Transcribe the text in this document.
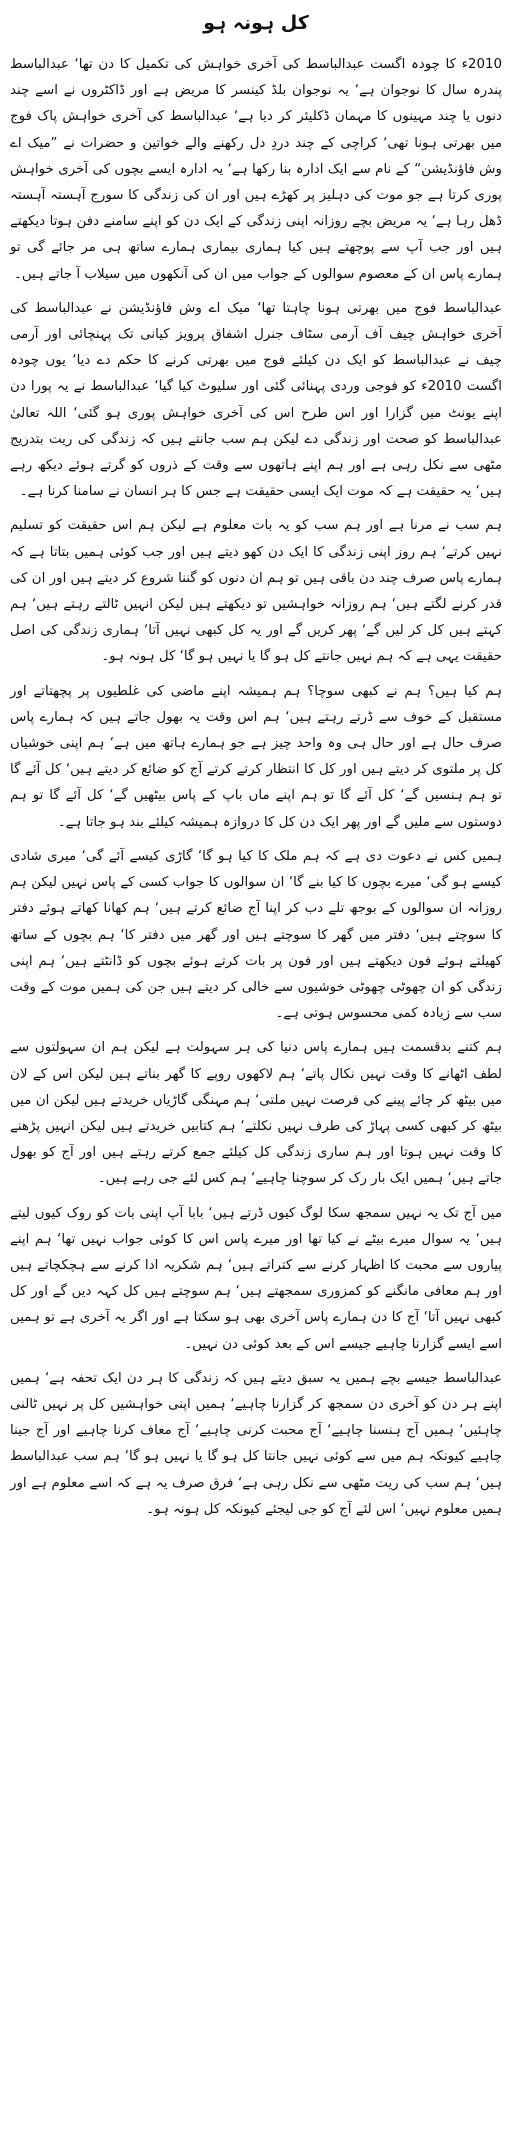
کل ہونہ ہو

2010ء کا چودہ اگست عبدالباسط کی آخری خواہش کی تکمیل کا دن تھا‘ عبدالباسط پندرہ سال کا نوجوان ہے‘ یہ نوجوان بلڈ کینسر کا مریض ہے اور ڈاکٹروں نے اسے چند دنوں یا چند مہینوں کا مہمان ڈکلیئر کر دیا ہے‘ عبدالباسط کی آخری خواہش پاک فوج میں بھرتی ہونا تھی‘ کراچی کے چند دردِ دل رکھنے والے خواتین و حضرات نے ”میک اے وش فاؤنڈیشن“ کے نام سے ایک ادارہ بنا رکھا ہے‘ یہ ادارہ ایسے بچوں کی آخری خواہش پوری کرتا ہے جو موت کی دہلیز پر کھڑے ہیں اور ان کی زندگی کا سورج آہستہ آہستہ ڈھل رہا ہے‘ یہ مریض بچے روزانہ اپنی زندگی کے ایک دن کو اپنے سامنے دفن ہوتا دیکھتے ہیں اور جب آپ سے پوچھتے ہیں کیا ہماری بیماری ہمارے ساتھ ہی مر جائے گی تو ہمارے پاس ان کے معصوم سوالوں کے جواب میں ان کی آنکھوں میں سیلاب آ جاتے ہیں۔

عبدالباسط فوج میں بھرتی ہونا چاہتا تھا‘ میک اے وش فاؤنڈیشن نے عبدالباسط کی آخری خواہش چیف آف آرمی سٹاف جنرل اشفاق پرویز کیانی تک پہنچائی اور آرمی چیف نے عبدالباسط کو ایک دن کیلئے فوج میں بھرتی کرنے کا حکم دے دیا‘ یوں چودہ اگست 2010ء کو فوجی وردی پہنائی گئی اور سلیوٹ کیا گیا‘ عبدالباسط نے یہ پورا دن اپنے یونٹ میں گزارا اور اس طرح اس کی آخری خواہش پوری ہو گئی‘ اللہ تعالیٰ عبدالباسط کو صحت اور زندگی دے لیکن ہم سب جانتے ہیں کہ زندگی کی ریت بتدریج مٹھی سے نکل رہی ہے اور ہم اپنے ہاتھوں سے وقت کے ذروں کو گرتے ہوئے دیکھ رہے ہیں‘ یہ حقیقت ہے کہ موت ایک ایسی حقیقت ہے جس کا ہر انسان نے سامنا کرنا ہے۔

ہم سب نے مرنا ہے اور ہم سب کو یہ بات معلوم ہے لیکن ہم اس حقیقت کو تسلیم نہیں کرتے‘ ہم روز اپنی زندگی کا ایک دن کھو دیتے ہیں اور جب کوئی ہمیں بتاتا ہے کہ ہمارے پاس صرف چند دن باقی ہیں تو ہم ان دنوں کو گننا شروع کر دیتے ہیں اور ان کی قدر کرنے لگتے ہیں‘ ہم روزانہ خواہشیں تو دیکھتے ہیں لیکن انہیں ٹالتے رہتے ہیں‘ ہم کہتے ہیں کل کر لیں گے‘ پھر کریں گے اور یہ کل کبھی نہیں آتا‘ ہماری زندگی کی اصل حقیقت یہی ہے کہ ہم نہیں جانتے کل ہو گا یا نہیں ہو گا‘ کل ہونہ ہو۔

ہم کیا ہیں؟ ہم نے کبھی سوچا؟ ہم ہمیشہ اپنے ماضی کی غلطیوں پر پچھتاتے اور مستقبل کے خوف سے ڈرتے رہتے ہیں‘ ہم اس وقت یہ بھول جاتے ہیں کہ ہمارے پاس صرف حال ہے اور حال ہی وہ واحد چیز ہے جو ہمارے ہاتھ میں ہے‘ ہم اپنی خوشیاں کل پر ملتوی کر دیتے ہیں اور کل کا انتظار کرتے کرتے آج کو ضائع کر دیتے ہیں‘ کل آئے گا تو ہم ہنسیں گے‘ کل آئے گا تو ہم اپنے ماں باپ کے پاس بیٹھیں گے‘ کل آئے گا تو ہم دوستوں سے ملیں گے اور پھر ایک دن کل کا دروازہ ہمیشہ کیلئے بند ہو جاتا ہے۔

ہمیں کس نے دعوت دی ہے کہ ہم ملک کا کیا ہو گا‘ گاڑی کیسے آئے گی‘ میری شادی کیسے ہو گی‘ میرے بچوں کا کیا بنے گا‘ ان سوالوں کا جواب کسی کے پاس نہیں لیکن ہم روزانہ ان سوالوں کے بوجھ تلے دب کر اپنا آج ضائع کرتے ہیں‘ ہم کھانا کھاتے ہوئے دفتر کا سوچتے ہیں‘ دفتر میں گھر کا سوچتے ہیں اور گھر میں دفتر کا‘ ہم بچوں کے ساتھ کھیلتے ہوئے فون دیکھتے ہیں اور فون پر بات کرتے ہوئے بچوں کو ڈانٹتے ہیں‘ ہم اپنی زندگی کو ان چھوٹی چھوٹی خوشیوں سے خالی کر دیتے ہیں جن کی ہمیں موت کے وقت سب سے زیادہ کمی محسوس ہوتی ہے۔

ہم کتنے بدقسمت ہیں ہمارے پاس دنیا کی ہر سہولت ہے لیکن ہم ان سہولتوں سے لطف اٹھانے کا وقت نہیں نکال پاتے‘ ہم لاکھوں روپے کا گھر بناتے ہیں لیکن اس کے لان میں بیٹھ کر چائے پینے کی فرصت نہیں ملتی‘ ہم مہنگی گاڑیاں خریدتے ہیں لیکن ان میں بیٹھ کر کبھی کسی پہاڑ کی طرف نہیں نکلتے‘ ہم کتابیں خریدتے ہیں لیکن انہیں پڑھنے کا وقت نہیں ہوتا اور ہم ساری زندگی کل کیلئے جمع کرتے رہتے ہیں اور آج کو بھول جاتے ہیں‘ ہمیں ایک بار رک کر سوچنا چاہیے‘ ہم کس لئے جی رہے ہیں۔

میں آج تک یہ نہیں سمجھ سکا لوگ کیوں ڈرتے ہیں‘ بابا آپ اپنی بات کو روک کیوں لیتے ہیں‘ یہ سوال میرے بیٹے نے کیا تھا اور میرے پاس اس کا کوئی جواب نہیں تھا‘ ہم اپنے پیاروں سے محبت کا اظہار کرنے سے کتراتے ہیں‘ ہم شکریہ ادا کرنے سے ہچکچاتے ہیں اور ہم معافی مانگنے کو کمزوری سمجھتے ہیں‘ ہم سوچتے ہیں کل کہہ دیں گے اور کل کبھی نہیں آتا‘ آج کا دن ہمارے پاس آخری بھی ہو سکتا ہے اور اگر یہ آخری ہے تو ہمیں اسے ایسے گزارنا چاہیے جیسے اس کے بعد کوئی دن نہیں۔

عبدالباسط جیسے بچے ہمیں یہ سبق دیتے ہیں کہ زندگی کا ہر دن ایک تحفہ ہے‘ ہمیں اپنے ہر دن کو آخری دن سمجھ کر گزارنا چاہیے‘ ہمیں اپنی خواہشیں کل پر نہیں ٹالنی چاہئیں‘ ہمیں آج ہنسنا چاہیے‘ آج محبت کرنی چاہیے‘ آج معاف کرنا چاہیے اور آج جینا چاہیے کیونکہ ہم میں سے کوئی نہیں جانتا کل ہو گا یا نہیں ہو گا‘ ہم سب عبدالباسط ہیں‘ ہم سب کی ریت مٹھی سے نکل رہی ہے‘ فرق صرف یہ ہے کہ اسے معلوم ہے اور ہمیں معلوم نہیں‘ اس لئے آج کو جی لیجئے کیونکہ کل ہونہ ہو۔
